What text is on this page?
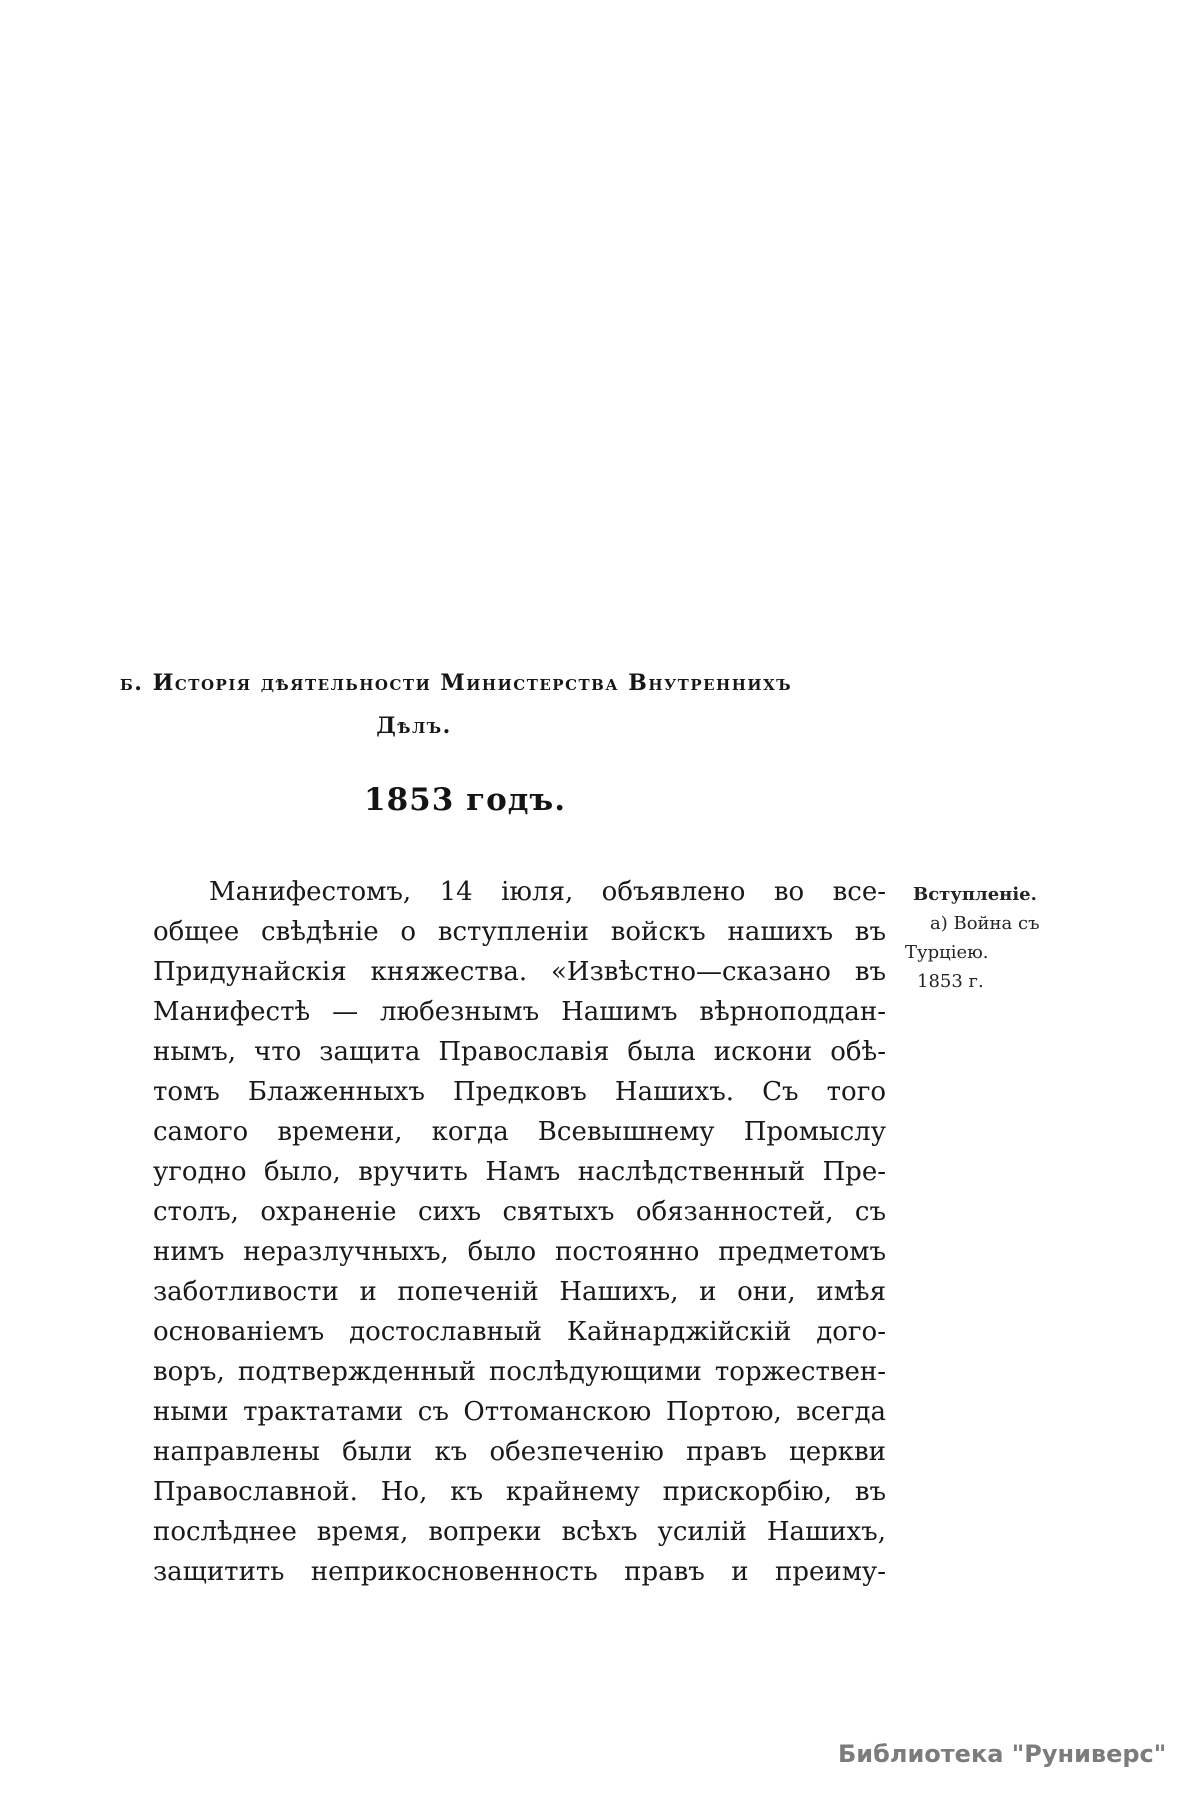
б. Исторія дѣятельности Министерства Внутреннихъ
Дѣлъ.
1853 годъ.
Манифестомъ, 14 іюля, объявлено во все-
общее свѣдѣніе о вступленіи войскъ нашихъ въ
Придунайскія княжества. «Извѣстно—сказано въ
Манифестѣ — любезнымъ Нашимъ вѣрноподдан-
нымъ, что защита Православія была искони обѣ-
томъ Блаженныхъ Предковъ Нашихъ. Съ того
самого времени, когда Всевышнему Промыслу
угодно было, вручить Намъ наслѣдственный Пре-
столъ, охраненіе сихъ святыхъ обязанностей, съ
нимъ неразлучныхъ, было постоянно предметомъ
заботливости и попеченій Нашихъ, и они, имѣя
основаніемъ достославный Кайнарджійскій дого-
воръ, подтвержденный послѣдующими торжествен-
ными трактатами съ Оттоманскою Портою, всегда
направлены были къ обезпеченію правъ церкви
Православной. Но, къ крайнему прискорбію, въ
послѣднее время, вопреки всѣхъ усилій Нашихъ,
защитить неприкосновенность правъ и преиму-
Вступленіе.
а) Война съ
Турціею.
1853 г.
Библиотека "Руниверс"
